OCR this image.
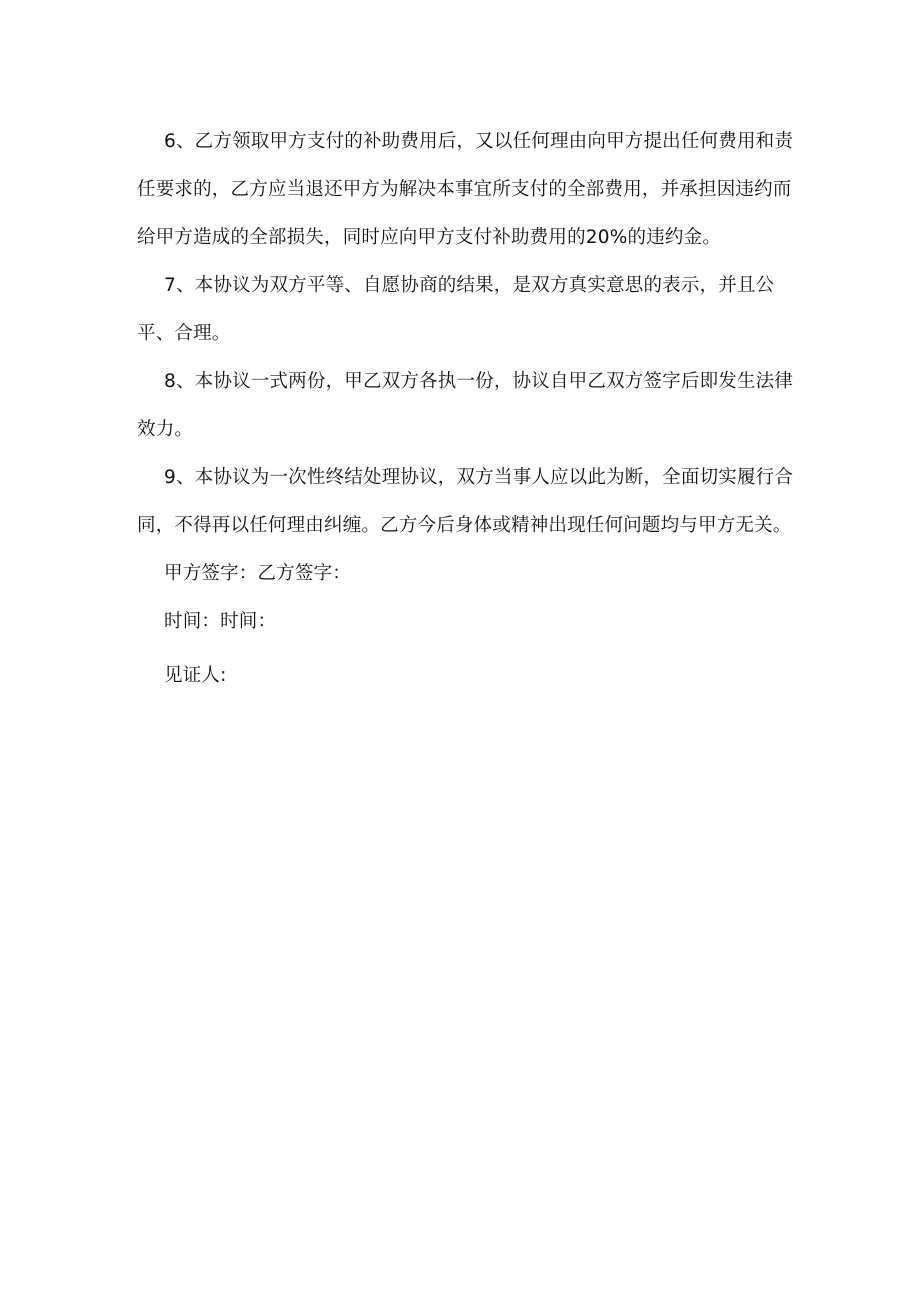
6、乙方领取甲方支付的补助费用后，又以任何理由向甲方提出任何费用和责任要求的，乙方应当退还甲方为解决本事宜所支付的全部费用，并承担因违约而给甲方造成的全部损失，同时应向甲方支付补助费用的20%的违约金。

7、本协议为双方平等、自愿协商的结果，是双方真实意思的表示，并且公平、合理。

8、本协议一式两份，甲乙双方各执一份，协议自甲乙双方签字后即发生法律效力。

9、本协议为一次性终结处理协议，双方当事人应以此为断，全面切实履行合同，不得再以任何理由纠缠。乙方今后身体或精神出现任何问题均与甲方无关。

甲方签字：乙方签字：

时间：时间：

见证人:
